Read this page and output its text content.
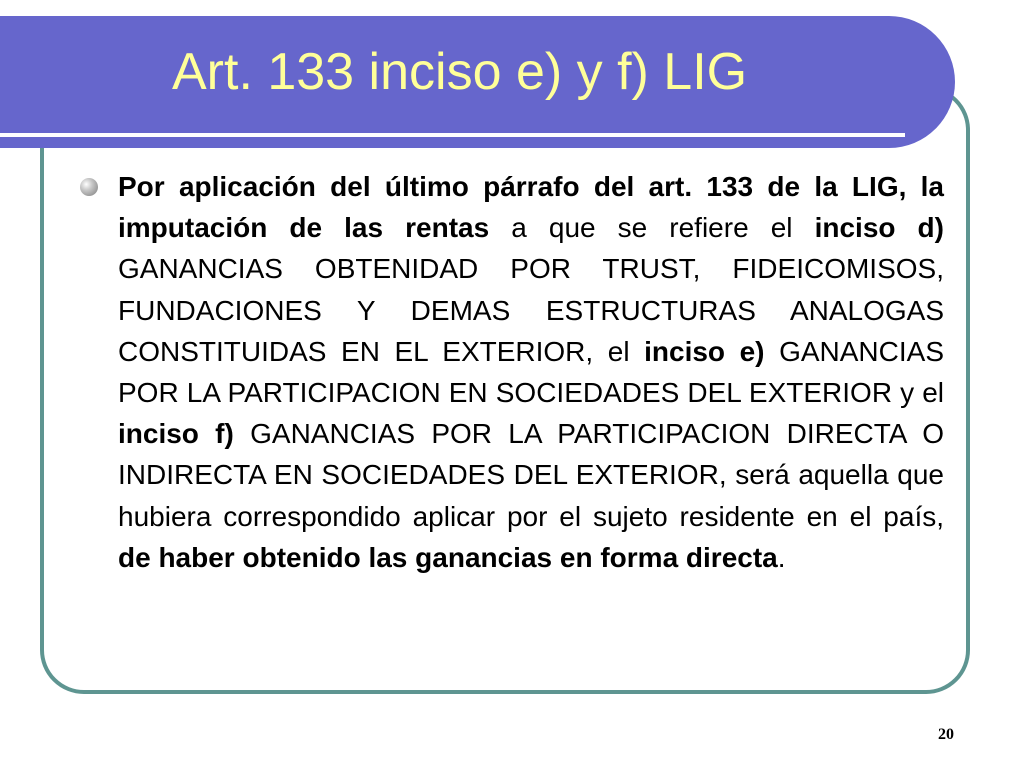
Art. 133 inciso e) y f) LIG

Por aplicación del último párrafo del art. 133 de la LIG, la imputación de las rentas a que se refiere el inciso d) GANANCIAS OBTENIDAD POR TRUST, FIDEICOMISOS, FUNDACIONES Y DEMAS ESTRUCTURAS ANALOGAS CONSTITUIDAS EN EL EXTERIOR, el inciso e) GANANCIAS POR LA PARTICIPACION EN SOCIEDADES DEL EXTERIOR y el inciso f) GANANCIAS POR LA PARTICIPACION DIRECTA O INDIRECTA EN SOCIEDADES DEL EXTERIOR, será aquella que hubiera correspondido aplicar por el sujeto residente en el país, de haber obtenido las ganancias en forma directa.

20
